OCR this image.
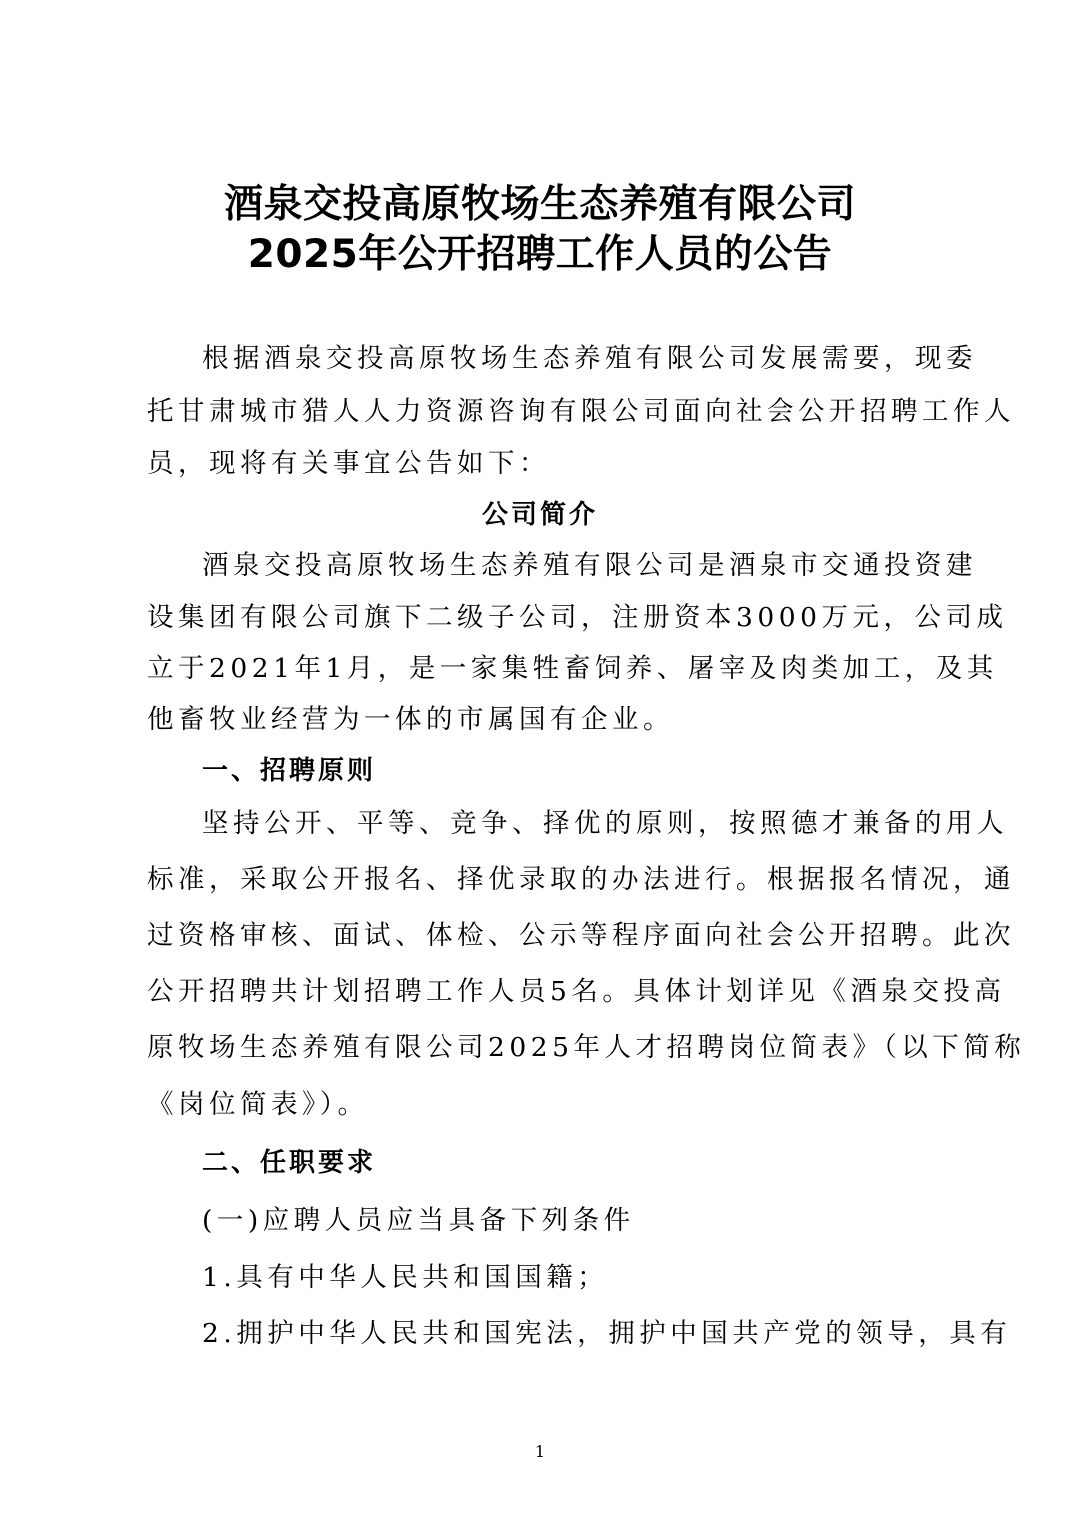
酒泉交投高原牧场生态养殖有限公司
2025年公开招聘工作人员的公告
根据酒泉交投高原牧场生态养殖有限公司发展需要，现委
托甘肃城市猎人人力资源咨询有限公司面向社会公开招聘工作人
员，现将有关事宜公告如下：
公司简介
酒泉交投高原牧场生态养殖有限公司是酒泉市交通投资建
设集团有限公司旗下二级子公司，注册资本3000万元，公司成
立于2021年1月，是一家集牲畜饲养、屠宰及肉类加工，及其
他畜牧业经营为一体的市属国有企业。
一、招聘原则
坚持公开、平等、竞争、择优的原则，按照德才兼备的用人
标准，采取公开报名、择优录取的办法进行。根据报名情况，通
过资格审核、面试、体检、公示等程序面向社会公开招聘。此次
公开招聘共计划招聘工作人员5名。具体计划详见《酒泉交投高
原牧场生态养殖有限公司2025年人才招聘岗位简表》（以下简称
《岗位简表》）。
二、任职要求
(一)应聘人员应当具备下列条件
1.具有中华人民共和国国籍；
2.拥护中华人民共和国宪法，拥护中国共产党的领导，具有
1
